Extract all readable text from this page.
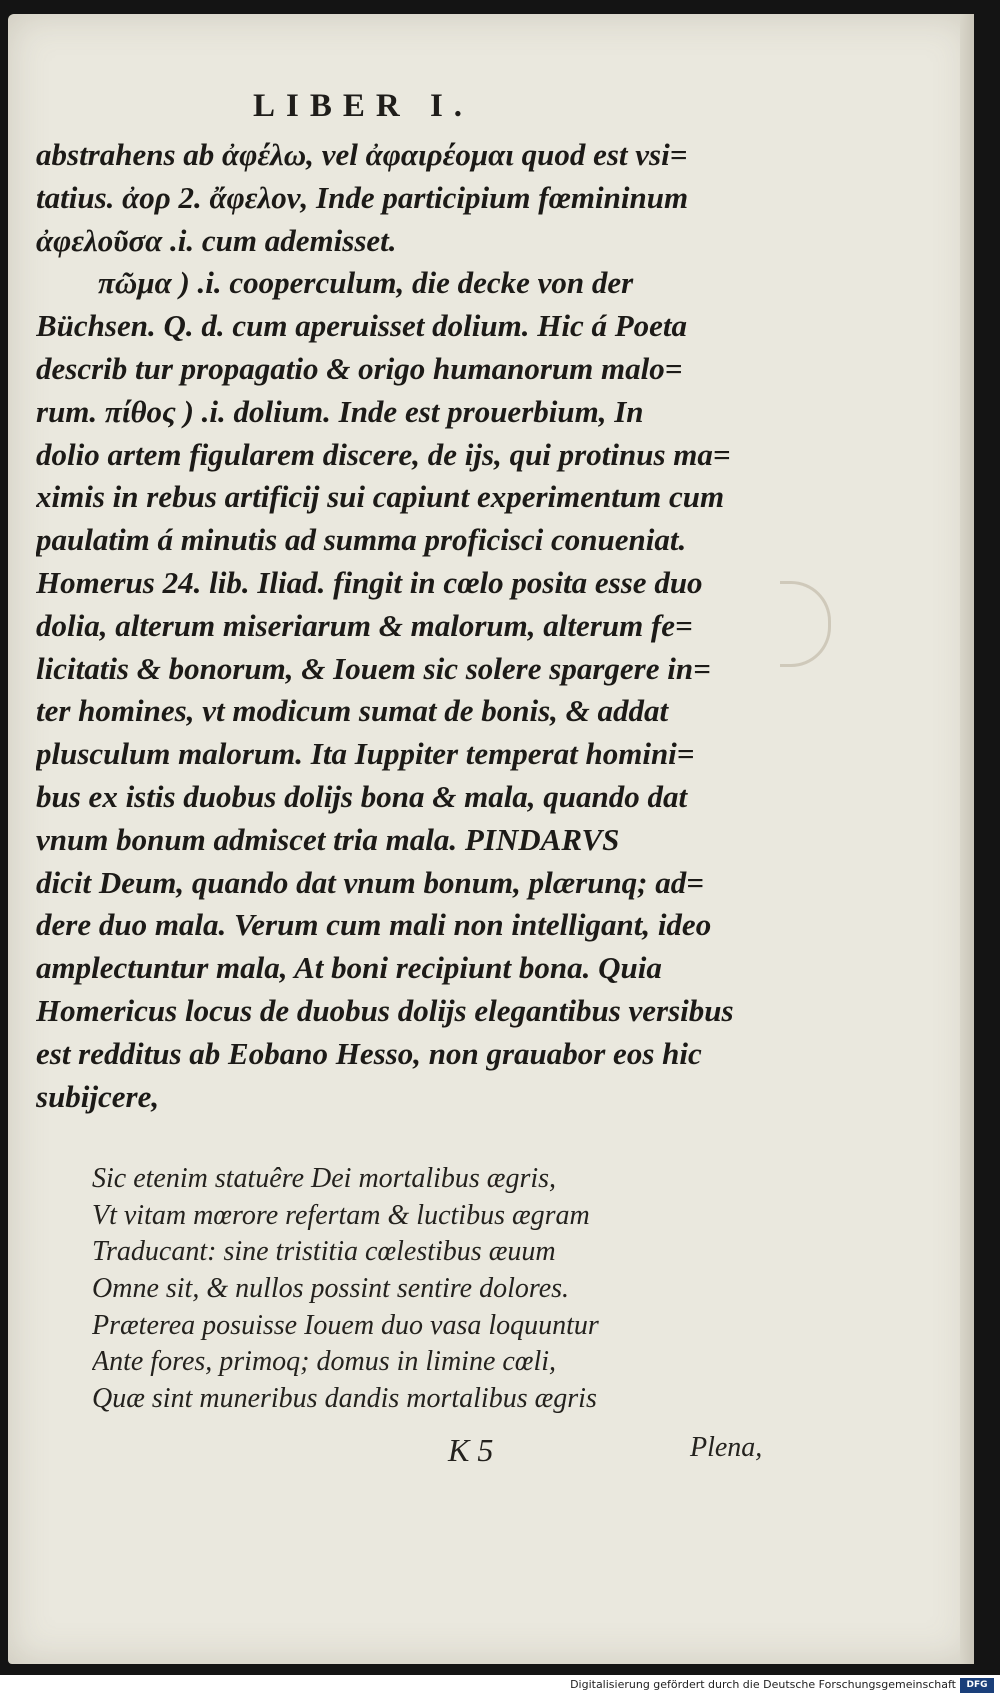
LIBER I.
abstrahens ab ἀφέλω, vel ἀφαιρέομαι quod est vsi=
tatius. ἀορ 2. ἄφελον, Inde participium fœmininum
ἀφελοῦσα .i. cum ademisset.
πῶμα ) .i. cooperculum, die decke von der
Büchsen. Q. d. cum aperuisset dolium. Hic á Poeta
describ tur propagatio & origo humanorum malo=
rum. πίθος ) .i. dolium. Inde est prouerbium, In
dolio artem figularem discere, de ijs, qui protinus ma=
ximis in rebus artificij sui capiunt experimentum cum
paulatim á minutis ad summa proficisci conueniat.
Homerus 24. lib. Iliad. fingit in cœlo posita esse duo
dolia, alterum miseriarum & malorum, alterum fe=
licitatis & bonorum, & Iouem sic solere spargere in=
ter homines, vt modicum sumat de bonis, & addat
plusculum malorum. Ita Iuppiter temperat homini=
bus ex istis duobus dolijs bona & mala, quando dat
vnum bonum admiscet tria mala. PINDARVS
dicit Deum, quando dat vnum bonum, plærunq; ad=
dere duo mala. Verum cum mali non intelligant, ideo
amplectuntur mala, At boni recipiunt bona. Quia
Homericus locus de duobus dolijs elegantibus versibus
est redditus ab Eobano Hesso, non grauabor eos hic
subijcere,
Sic etenim statuêre Dei mortalibus ægris,
Vt vitam mœrore refertam & luctibus ægram
Traducant: sine tristitia cœlestibus æuum
Omne sit, & nullos possint sentire dolores.
Præterea posuisse Iouem duo vasa loquuntur
Ante fores, primoq; domus in limine cœli,
Quæ sint muneribus dandis mortalibus ægris
K 5	Plena,
Digitalisierung gefördert durch die Deutsche Forschungsgemeinschaft	DFG
